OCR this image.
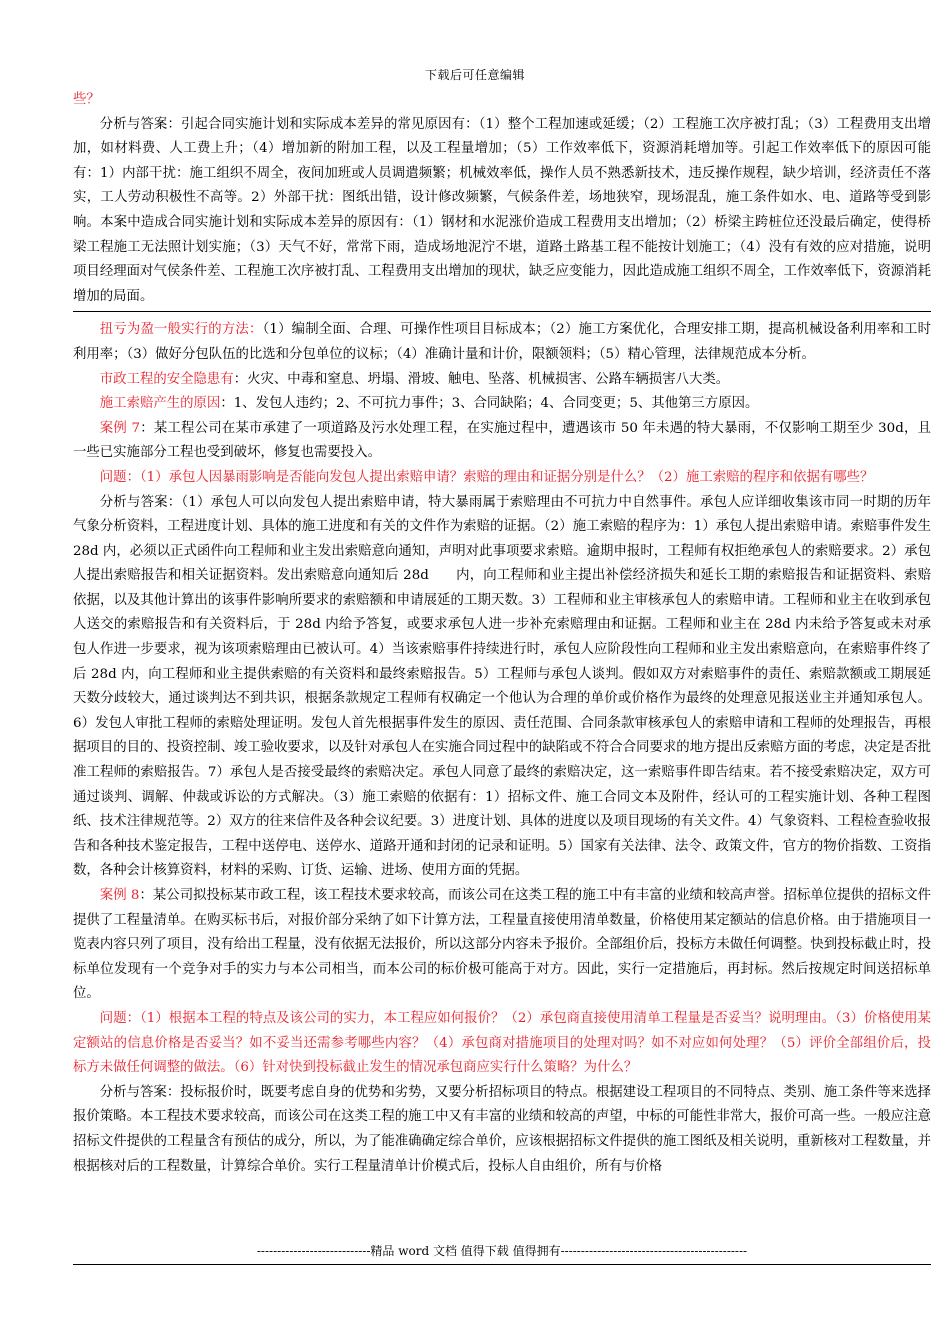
下载后可任意编辑

些？

分析与答案：引起合同实施计划和实际成本差异的常见原因有：（1）整个工程加速或延缓；（2）工程施工次序被打乱；（3）工程费用支出增加，如材料费、人工费上升；（4）增加新的附加工程，以及工程量增加；（5）工作效率低下，资源消耗增加等。引起工作效率低下的原因可能有：1）内部干扰：施工组织不周全，夜间加班或人员调遣频繁；机械效率低，操作人员不熟悉新技术，违反操作规程，缺少培训，经济责任不落实，工人劳动积极性不高等。2）外部干扰：图纸出错，设计修改频繁，气候条件差，场地狭窄，现场混乱，施工条件如水、电、道路等受到影响。本案中造成合同实施计划和实际成本差异的原因有：（1）钢材和水泥涨价造成工程费用支出增加；（2）桥梁主跨桩位还没最后确定，使得桥梁工程施工无法照计划实施；（3）天气不好，常常下雨，造成场地泥泞不堪，道路土路基工程不能按计划施工；（4）没有有效的应对措施，说明项目经理面对气侯条件差、工程施工次序被打乱、工程费用支出增加的现状，缺乏应变能力，因此造成施工组织不周全，工作效率低下，资源消耗增加的局面。

扭亏为盈一般实行的方法：（1）编制全面、合理、可操作性项目目标成本；（2）施工方案优化，合理安排工期，提高机械设备利用率和工时利用率；（3）做好分包队伍的比选和分包单位的议标；（4）准确计量和计价，限额领料；（5）精心管理，法律规范成本分析。

市政工程的安全隐患有：火灾、中毒和窒息、坍塌、滑坡、触电、坠落、机械损害、公路车辆损害八大类。

施工索赔产生的原因：1、发包人违约；2、不可抗力事件；3、合同缺陷；4、合同变更；5、其他第三方原因。

案例 7：某工程公司在某市承建了一项道路及污水处理工程，在实施过程中，遭遇该市 50 年未遇的特大暴雨，不仅影响工期至少 30d，且一些已实施部分工程也受到破坏，修复也需要投入。

问题：（1）承包人因暴雨影响是否能向发包人提出索赔申请？索赔的理由和证据分别是什么？（2）施工索赔的程序和依据有哪些？

分析与答案：（1）承包人可以向发包人提出索赔申请，特大暴雨属于索赔理由不可抗力中自然事件。承包人应详细收集该市同一时期的历年气象分析资料，工程进度计划、具体的施工进度和有关的文件作为索赔的证据。（2）施工索赔的程序为：1）承包人提出索赔申请。索赔事件发生 28d 内，必须以正式函件向工程师和业主发出索赔意向通知，声明对此事项要求索赔。逾期申报时，工程师有权拒绝承包人的索赔要求。2）承包人提出索赔报告和相关证据资料。发出索赔意向通知后 28d　　内，向工程师和业主提出补偿经济损失和延长工期的索赔报告和证据资料、索赔依据，以及其他计算出的该事件影响所要求的索赔额和申请展延的工期天数。3）工程师和业主审核承包人的索赔申请。工程师和业主在收到承包人送交的索赔报告和有关资料后，于 28d 内给予答复，或要求承包人进一步补充索赔理由和证据。工程师和业主在 28d 内未给予答复或未对承包人作进一步要求，视为该项索赔理由已被认可。4）当该索赔事件持续进行时，承包人应阶段性向工程师和业主发出索赔意向，在索赔事件终了后 28d 内，向工程师和业主提供索赔的有关资料和最终索赔报告。5）工程师与承包人谈判。假如双方对索赔事件的责任、索赔款额或工期展延天数分歧较大，通过谈判达不到共识，根据条款规定工程师有权确定一个他认为合理的单价或价格作为最终的处理意见报送业主并通知承包人。6）发包人审批工程师的索赔处理证明。发包人首先根据事件发生的原因、责任范围、合同条款审核承包人的索赔申请和工程师的处理报告，再根据项目的目的、投资控制、竣工验收要求，以及针对承包人在实施合同过程中的缺陷或不符合合同要求的地方提出反索赔方面的考虑，决定是否批准工程师的索赔报告。7）承包人是否接受最终的索赔决定。承包人同意了最终的索赔决定，这一索赔事件即告结束。若不接受索赔决定，双方可通过谈判、调解、仲裁或诉讼的方式解决。（3）施工索赔的依据有：1）招标文件、施工合同文本及附件，经认可的工程实施计划、各种工程图纸、技术注律规范等。2）双方的往来信件及各种会议纪要。3）进度计划、具体的进度以及项目现场的有关文件。4）气象资料、工程检查验收报告和各种技术鉴定报告，工程中送停电、送停水、道路开通和封闭的记录和证明。5）国家有关法律、法令、政策文件，官方的物价指数、工资指数，各种会计核算资料，材料的采购、订货、运输、进场、使用方面的凭据。

案例 8：某公司拟投标某市政工程，该工程技术要求较高，而该公司在这类工程的施工中有丰富的业绩和较高声誉。招标单位提供的招标文件提供了工程量清单。在购买标书后，对报价部分采纳了如下计算方法，工程量直接使用清单数量，价格使用某定额站的信息价格。由于措施项目一览表内容只列了项目，没有给出工程量，没有依据无法报价，所以这部分内容未予报价。全部组价后，投标方未做任何调整。快到投标截止时，投标单位发现有一个竞争对手的实力与本公司相当，而本公司的标价极可能高于对方。因此，实行一定措施后，再封标。然后按规定时间送招标单位。

问题：（1）根据本工程的特点及该公司的实力，本工程应如何报价？（2）承包商直接使用清单工程量是否妥当？说明理由。（3）价格使用某定额站的信息价格是否妥当？如不妥当还需参考哪些内容？（4）承包商对措施项目的处理对吗？如不对应如何处理？（5）评价全部组价后，投标方未做任何调整的做法。（6）针对快到投标截止发生的情况承包商应实行什么策略？为什么？

分析与答案：投标报价时，既要考虑自身的优势和劣势，又要分析招标项目的特点。根据建设工程项目的不同特点、类别、施工条件等来选择报价策略。本工程技术要求较高，而该公司在这类工程的施工中又有丰富的业绩和较高的声望，中标的可能性非常大，报价可高一些。一般应注意招标文件提供的工程量含有预估的成分，所以，为了能准确确定综合单价，应该根据招标文件提供的施工图纸及相关说明，重新核对工程数量，并根据核对后的工程数量，计算综合单价。实行工程量清单计价模式后，投标人自由组价，所有与价格

----------------------------精品 word 文档 值得下载 值得拥有----------------------------------------------
